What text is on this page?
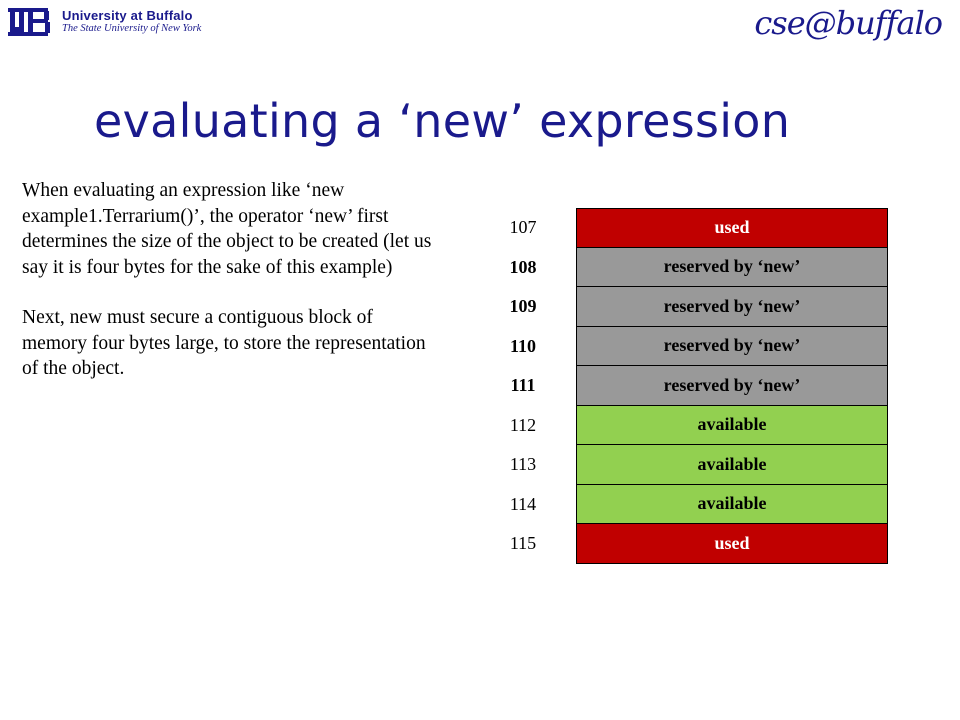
University at Buffalo
The State University of New York	cse@buffalo
evaluating a ‘new’ expression

When evaluating an expression like ‘new example1.Terrarium()’, the operator ‘new’ first determines the size of the object to be created (let us say it is four bytes for the sake of this example)

Next, new must secure a contiguous block of memory four bytes large, to store the representation of the object.

107	used
108	reserved by ‘new’
109	reserved by ‘new’
110	reserved by ‘new’
111	reserved by ‘new’
112	available
113	available
114	available
115	used
